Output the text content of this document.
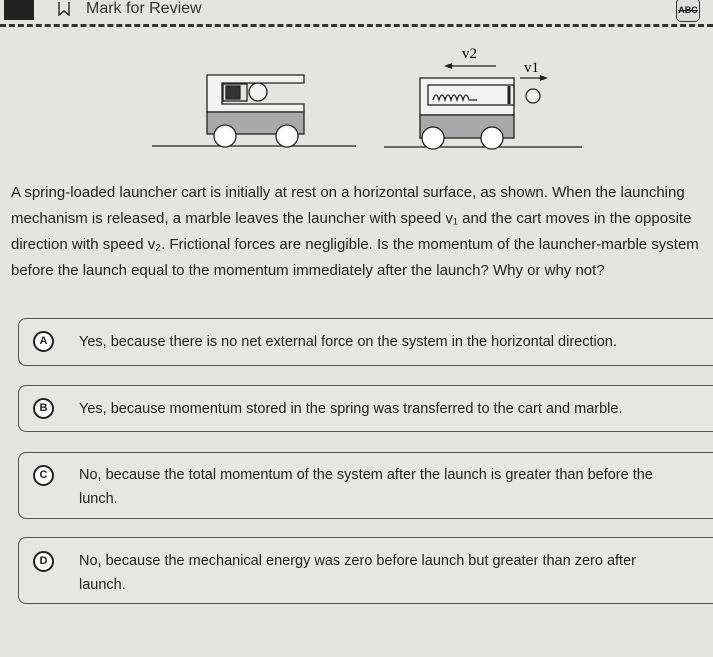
Mark for Review	ABC
v2
v1
A spring-loaded launcher cart is initially at rest on a horizontal surface, as shown. When the launching mechanism is released, a marble leaves the launcher with speed v₁ and the cart moves in the opposite direction with speed v₂. Frictional forces are negligible. Is the momentum of the launcher-marble system before the launch equal to the momentum immediately after the launch? Why or why not?
A	Yes, because there is no net external force on the system in the horizontal direction.
B	Yes, because momentum stored in the spring was transferred to the cart and marble.
C	No, because the total momentum of the system after the launch is greater than before the lunch.
D	No, because the mechanical energy was zero before launch but greater than zero after launch.
